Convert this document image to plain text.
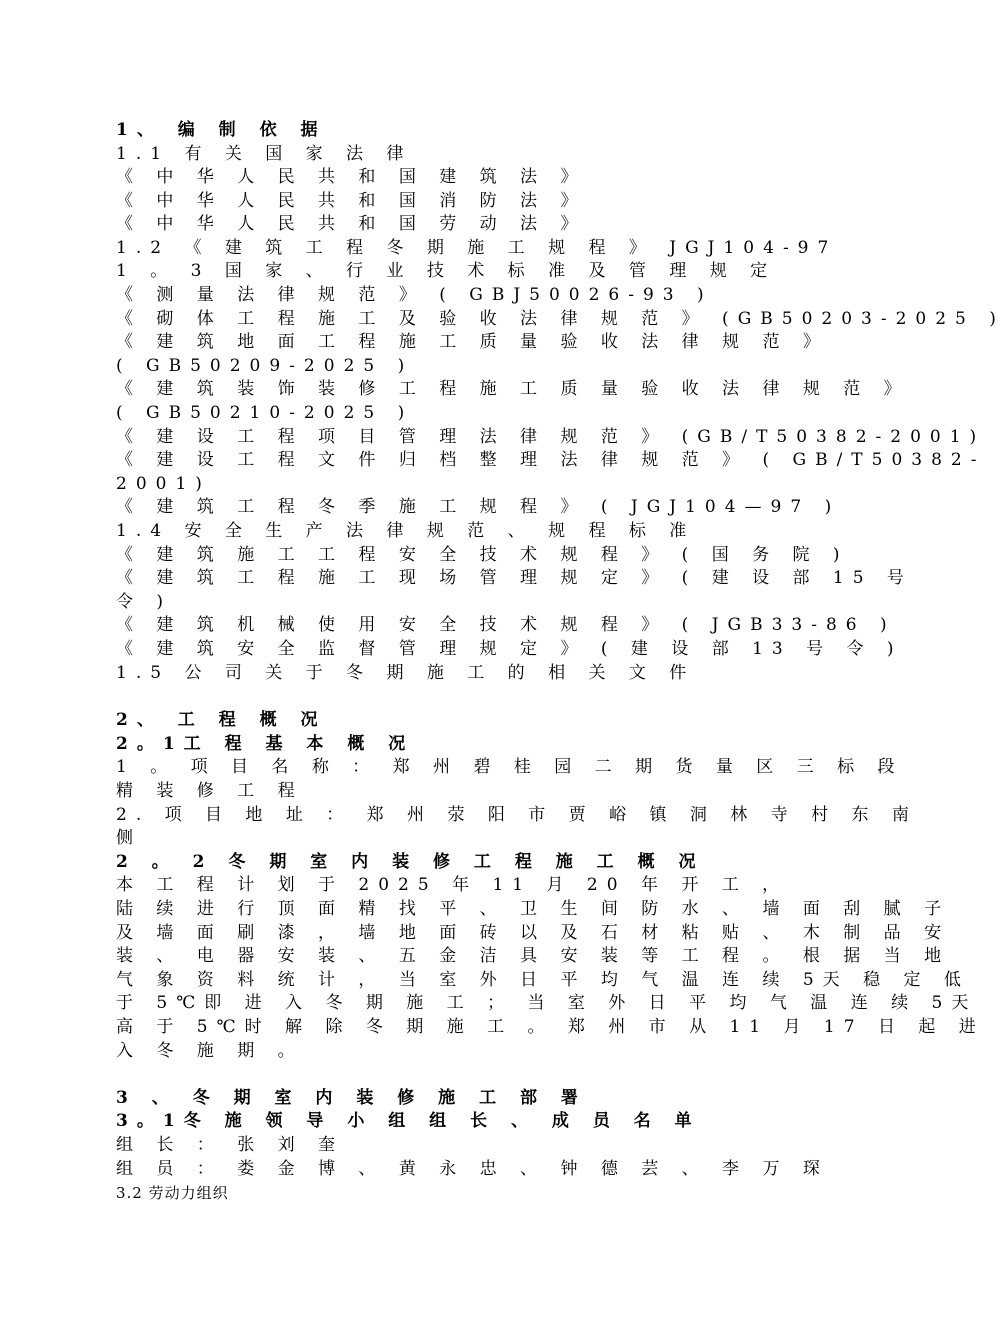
1、 编 制 依 据
1.1 有 关 国 家 法 律
《 中 华 人 民 共 和 国 建 筑 法 》
《 中 华 人 民 共 和 国 消 防 法 》
《 中 华 人 民 共 和 国 劳 动 法 》
1.2 《 建 筑 工 程 冬 期 施 工 规 程 》 JGJ104-97
1 。 3 国 家 、 行 业 技 术 标 准 及 管 理 规 定
《 测 量 法 律 规 范 》 ( GBJ50026-93 )
《 砌 体 工 程 施 工 及 验 收 法 律 规 范 》 (GB50203-2025 )
《 建 筑 地 面 工 程 施 工 质 量 验 收 法 律 规 范 》
( GB50209-2025 )
《 建 筑 装 饰 装 修 工 程 施 工 质 量 验 收 法 律 规 范 》
( GB50210-2025 )
《 建 设 工 程 项 目 管 理 法 律 规 范 》 (GB/T50382-2001)
《 建 设 工 程 文 件 归 档 整 理 法 律 规 范 》 ( GB/T50382-
2001)
《 建 筑 工 程 冬 季 施 工 规 程 》 ( JGJ104—97 )
1.4 安 全 生 产 法 律 规 范 、 规 程 标 准
《 建 筑 施 工 工 程 安 全 技 术 规 程 》 ( 国 务 院 )
《 建 筑 工 程 施 工 现 场 管 理 规 定 》 ( 建 设 部 15 号
令 )
《 建 筑 机 械 使 用 安 全 技 术 规 程 》 ( JGB33-86 )
《 建 筑 安 全 监 督 管 理 规 定 》 ( 建 设 部 13 号 令 )
1.5 公 司 关 于 冬 期 施 工 的 相 关 文 件
2、 工 程 概 况
2。1工 程 基 本 概 况
1 。 项 目 名 称 ： 郑 州 碧 桂 园 二 期 货 量 区 三 标 段
精 装 修 工 程
2. 项 目 地 址 ： 郑 州 荥 阳 市 贾 峪 镇 洞 林 寺 村 东 南
侧
2 。 2 冬 期 室 内 装 修 工 程 施 工 概 况
本 工 程 计 划 于 2025 年 11 月 20 年 开 工 ，
陆 续 进 行 顶 面 精 找 平 、 卫 生 间 防 水 、 墙 面 刮 腻 子
及 墙 面 刷 漆 ， 墙 地 面 砖 以 及 石 材 粘 贴 、 木 制 品 安
装 、 电 器 安 装 、 五 金 洁 具 安 装 等 工 程 。 根 据 当 地
气 象 资 料 统 计 ， 当 室 外 日 平 均 气 温 连 续 5天 稳 定 低
于 5℃即 进 入 冬 期 施 工 ； 当 室 外 日 平 均 气 温 连 续 5天
高 于 5℃时 解 除 冬 期 施 工 。 郑 州 市 从 11 月 17 日 起 进
入 冬 施 期 。
3 、 冬 期 室 内 装 修 施 工 部 署
3。1冬 施 领 导 小 组 组 长 、 成 员 名 单
组 长 ： 张 刘 奎
组 员 ： 娄 金 博 、 黄 永 忠 、 钟 德 芸 、 李 万 琛
3.2 劳动力组织
